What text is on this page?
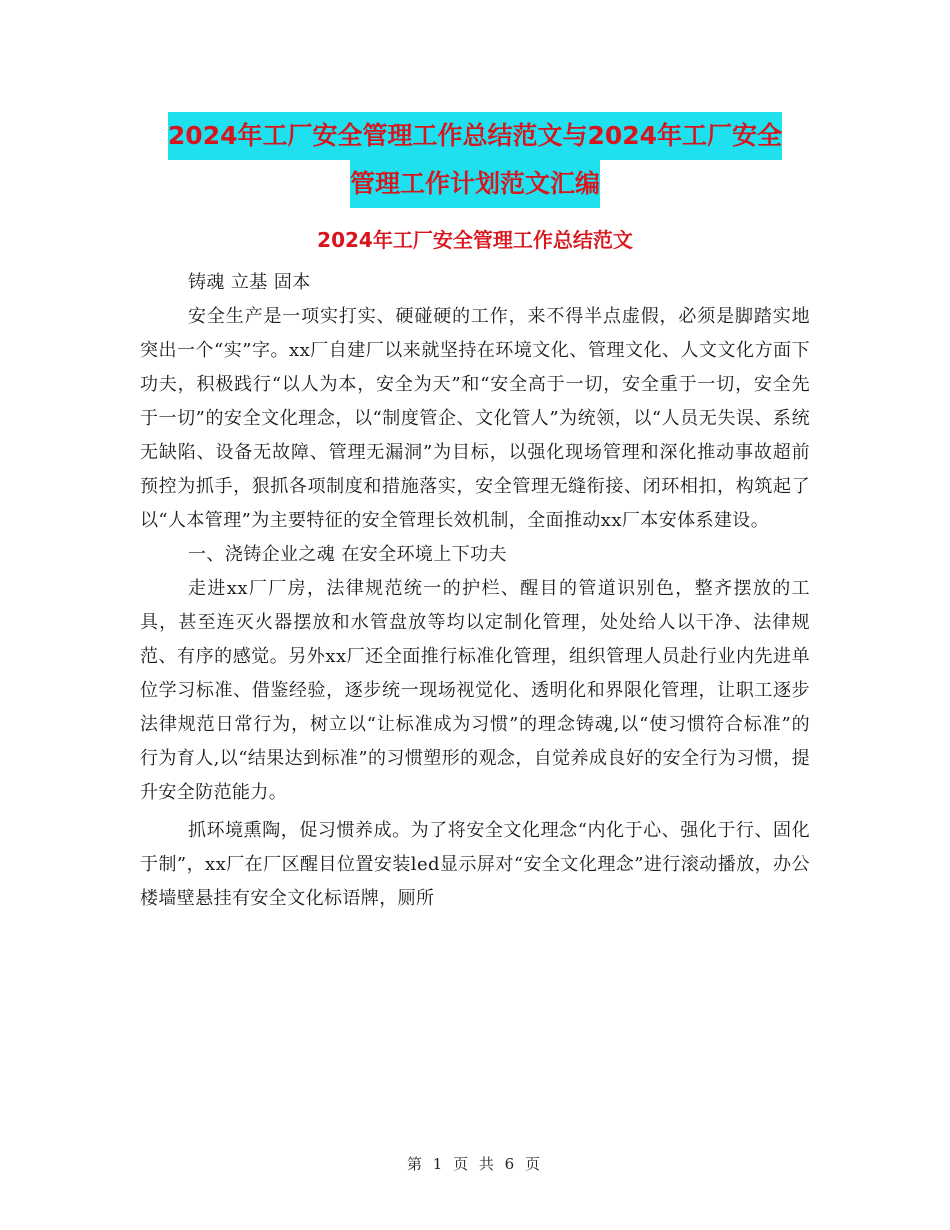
2024年工厂安全管理工作总结范文与2024年工厂安全
管理工作计划范文汇编
2024年工厂安全管理工作总结范文

铸魂 立基 固本

安全生产是一项实打实、硬碰硬的工作，来不得半点虚假，必须是脚踏实地突出一个“实”字。xx厂自建厂以来就坚持在环境文化、管理文化、人文文化方面下功夫，积极践行“以人为本，安全为天”和“安全高于一切，安全重于一切，安全先于一切”的安全文化理念，以“制度管企、文化管人”为统领，以“人员无失误、系统无缺陷、设备无故障、管理无漏洞”为目标，以强化现场管理和深化推动事故超前预控为抓手，狠抓各项制度和措施落实，安全管理无缝衔接、闭环相扣，构筑起了以“人本管理”为主要特征的安全管理长效机制，全面推动xx厂本安体系建设。

一、浇铸企业之魂 在安全环境上下功夫

走进xx厂厂房，法律规范统一的护栏、醒目的管道识别色，整齐摆放的工具，甚至连灭火器摆放和水管盘放等均以定制化管理，处处给人以干净、法律规范、有序的感觉。另外xx厂还全面推行标准化管理，组织管理人员赴行业内先进单位学习标准、借鉴经验，逐步统一现场视觉化、透明化和界限化管理，让职工逐步法律规范日常行为，树立以“让标准成为习惯”的理念铸魂,以“使习惯符合标准”的行为育人,以“结果达到标准”的习惯塑形的观念，自觉养成良好的安全行为习惯，提升安全防范能力。

抓环境熏陶，促习惯养成。为了将安全文化理念“内化于心、强化于行、固化于制”，xx厂在厂区醒目位置安装led显示屏对“安全文化理念”进行滚动播放，办公楼墙壁悬挂有安全文化标语牌，厕所

第 1 页 共 6 页
